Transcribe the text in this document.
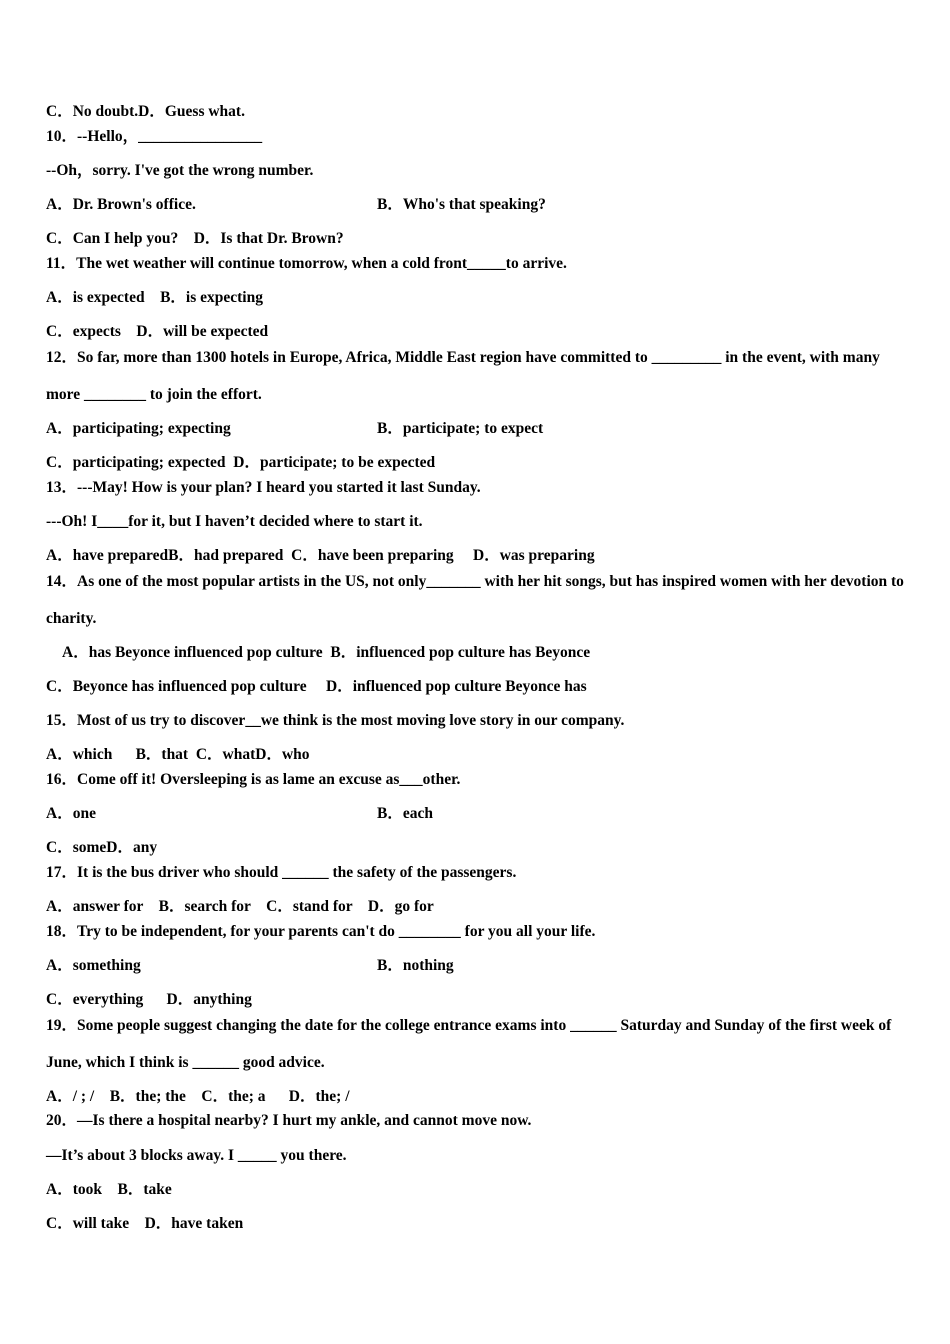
C．No doubt.D．Guess what.
10．--Hello，________________
--Oh，sorry. I've got the wrong number.
A．Dr. Brown's office.	B．Who's that speaking?
C．Can I help you?　D．Is that Dr. Brown?
11．The wet weather will continue tomorrow, when a cold front_____to arrive.
A．is expected　B．is expecting
C．expects　D．will be expected
12．So far, more than 1300 hotels in Europe, Africa, Middle East region have committed to _________ in the event, with many more ________ to join the effort.
A．participating; expecting	B．participate; to expect
C．participating; expected  D．participate; to be expected
13．---May! How is your plan? I heard you started it last Sunday.
---Oh! I____for it, but I haven’t decided where to start it.
A．have preparedB．had prepared  C．have been preparing　 D．was preparing
14．As one of the most popular artists in the US, not only_______ with her hit songs, but has inspired women with her devotion to charity.
A．has Beyonce influenced pop culture  B．influenced pop culture has Beyonce
C．Beyonce has influenced pop culture　 D．influenced pop culture Beyonce has
15．Most of us try to discover__we think is the most moving love story in our company.
A．which　  B．that  C．whatD．who
16．Come off it! Oversleeping is as lame an excuse as___other.
A．one	B．each
C．someD．any
17．It is the bus driver who should ______ the safety of the passengers.
A．answer for　B．search for　C．stand for　D．go for
18．Try to be independent, for your parents can't do ________ for you all your life.
A．something	B．nothing
C．everything　  D．anything
19．Some people suggest changing the date for the college entrance exams into ______ Saturday and Sunday of the first week of June, which I think is ______ good advice.
A．/ ; /　B．the; the　C．the; a　  D．the; /
20．—Is there a hospital nearby? I hurt my ankle, and cannot move now.
—It’s about 3 blocks away. I _____ you there.
A．took　B．take
C．will take　D．have taken
